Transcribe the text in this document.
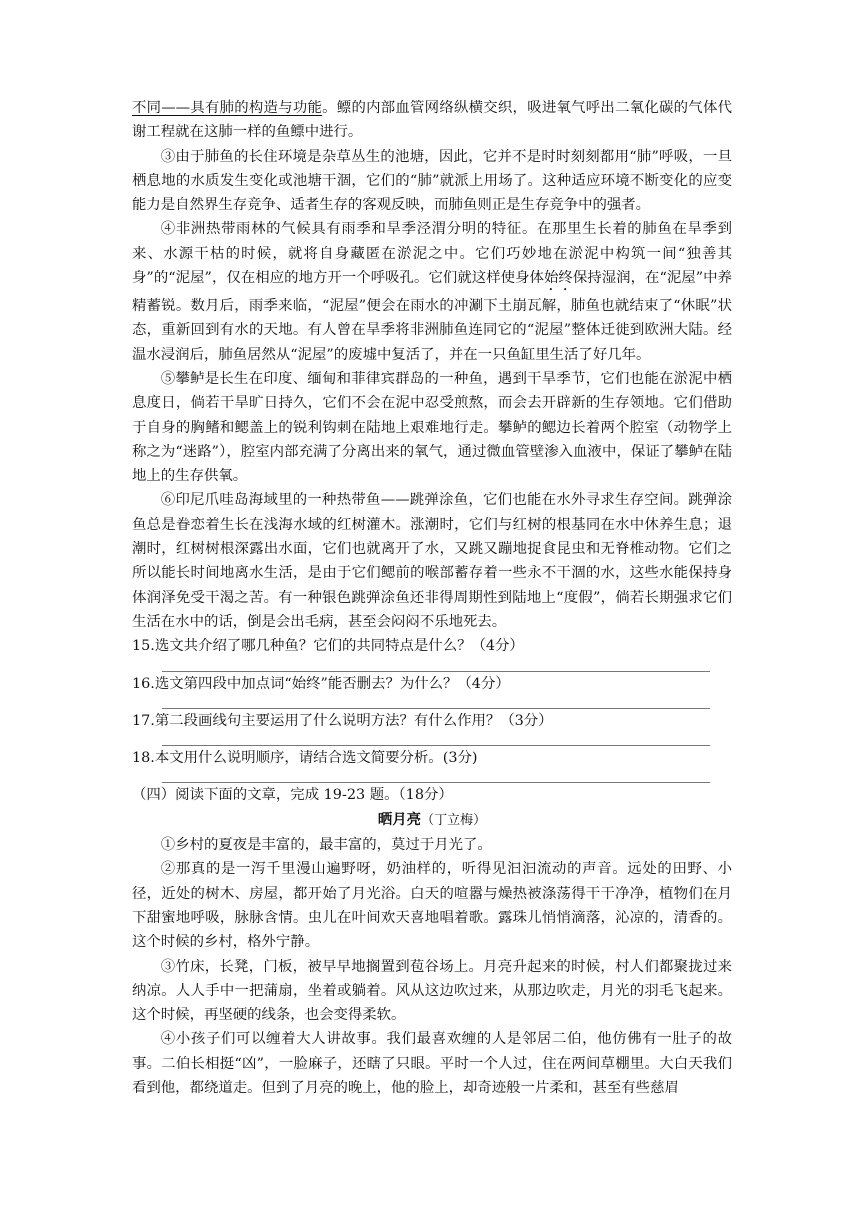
不同——具有肺的构造与功能。鳔的内部血管网络纵横交织，吸进氧气呼出二氧化碳的气体代谢工程就在这肺一样的鱼鳔中进行。

③由于肺鱼的长住环境是杂草丛生的池塘，因此，它并不是时时刻刻都用“肺”呼吸，一旦栖息地的水质发生变化或池塘干涸，它们的“肺”就派上用场了。这种适应环境不断变化的应变能力是自然界生存竞争、适者生存的客观反映，而肺鱼则正是生存竞争中的强者。

④非洲热带雨林的气候具有雨季和旱季泾渭分明的特征。在那里生长着的肺鱼在旱季到来、水源干枯的时候，就将自身藏匿在淤泥之中。它们巧妙地在淤泥中构筑一间“独善其身”的“泥屋”，仅在相应的地方开一个呼吸孔。它们就这样使身体始终保持湿润，在“泥屋”中养精蓄锐。数月后，雨季来临，“泥屋”便会在雨水的冲涮下土崩瓦解，肺鱼也就结束了“休眠”状态，重新回到有水的天地。有人曾在旱季将非洲肺鱼连同它的“泥屋”整体迁徙到欧洲大陆。经温水浸润后，肺鱼居然从“泥屋”的废墟中复活了，并在一只鱼缸里生活了好几年。

⑤攀鲈是长生在印度、缅甸和菲律宾群岛的一种鱼，遇到干旱季节，它们也能在淤泥中栖息度日，倘若干旱旷日持久，它们不会在泥中忍受煎熬，而会去开辟新的生存领地。它们借助于自身的胸鳍和鳃盖上的锐利钩刺在陆地上艰难地行走。攀鲈的鳃边长着两个腔室（动物学上称之为“迷路”），腔室内部充满了分离出来的氧气，通过微血管壁渗入血液中，保证了攀鲈在陆地上的生存供氧。

⑥印尼爪哇岛海域里的一种热带鱼——跳弹涂鱼，它们也能在水外寻求生存空间。跳弹涂鱼总是眷恋着生长在浅海水域的红树灌木。涨潮时，它们与红树的根基同在水中休养生息；退潮时，红树树根深露出水面，它们也就离开了水，又跳又蹦地捉食昆虫和无脊椎动物。它们之所以能长时间地离水生活，是由于它们鳃前的喉部蓄存着一些永不干涸的水，这些水能保持身体润泽免受干渴之苦。有一种银色跳弹涂鱼还非得周期性到陆地上“度假”，倘若长期强求它们生活在水中的话，倒是会出毛病，甚至会闷闷不乐地死去。

15.选文共介绍了哪几种鱼？它们的共同特点是什么？（4分）

16.选文第四段中加点词“始终”能否删去？为什么？（4分）

17.第二段画线句主要运用了什么说明方法？有什么作用？（3分）

18.本文用什么说明顺序，请结合选文简要分析。(3分)

（四）阅读下面的文章，完成 19-23 题。（18分）

晒月亮（丁立梅）

①乡村的夏夜是丰富的，最丰富的，莫过于月光了。

②那真的是一泻千里漫山遍野呀，奶油样的，听得见汩汩流动的声音。远处的田野、小径，近处的树木、房屋，都开始了月光浴。白天的喧嚣与燥热被涤荡得干干净净，植物们在月下甜蜜地呼吸，脉脉含情。虫儿在叶间欢天喜地唱着歌。露珠儿悄悄滴落，沁凉的，清香的。这个时候的乡村，格外宁静。

③竹床，长凳，门板，被早早地搁置到苞谷场上。月亮升起来的时候，村人们都聚拢过来纳凉。人人手中一把蒲扇，坐着或躺着。风从这边吹过来，从那边吹走，月光的羽毛飞起来。这个时候，再坚硬的线条，也会变得柔软。

④小孩子们可以缠着大人讲故事。我们最喜欢缠的人是邻居二伯，他仿佛有一肚子的故事。二伯长相挺“凶”，一脸麻子，还瞎了只眼。平时一个人过，住在两间草棚里。大白天我们看到他，都绕道走。但到了月亮的晚上，他的脸上，却奇迹般一片柔和，甚至有些慈眉
